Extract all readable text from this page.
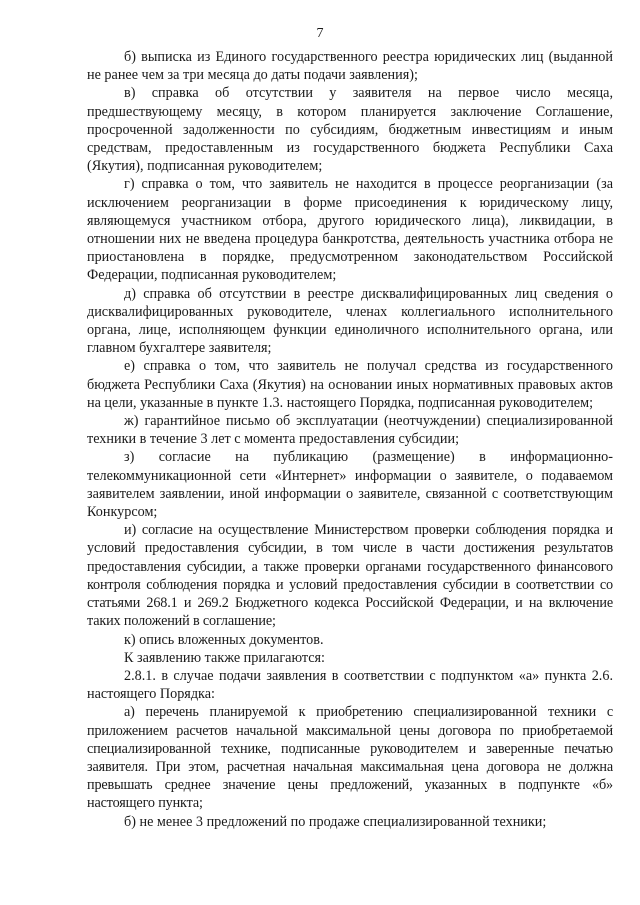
7

б) выписка из Единого государственного реестра юридических лиц (выданной не ранее чем за три месяца до даты подачи заявления);

в) справка об отсутствии у заявителя на первое число месяца, предшествующему месяцу, в котором планируется заключение Соглашение, просроченной задолженности по субсидиям, бюджетным инвестициям и иным средствам, предоставленным из государственного бюджета Республики Саха (Якутия), подписанная руководителем;

г) справка о том, что заявитель не находится в процессе реорганизации (за исключением реорганизации в форме присоединения к юридическому лицу, являющемуся участником отбора, другого юридического лица), ликвидации, в отношении них не введена процедура банкротства, деятельность участника отбора не приостановлена в порядке, предусмотренном законодательством Российской Федерации, подписанная руководителем;

д) справка об отсутствии в реестре дисквалифицированных лиц сведения о дисквалифицированных руководителе, членах коллегиального исполнительного органа, лице, исполняющем функции единоличного исполнительного органа, или главном бухгалтере заявителя;

е) справка о том, что заявитель не получал средства из государственного бюджета Республики Саха (Якутия) на основании иных нормативных правовых актов на цели, указанные в пункте 1.3. настоящего Порядка, подписанная руководителем;

ж) гарантийное письмо об эксплуатации (неотчуждении) специализированной техники в течение 3 лет с момента предоставления субсидии;

з) согласие на публикацию (размещение) в информационно-телекоммуникационной сети «Интернет» информации о заявителе, о подаваемом заявителем заявлении, иной информации о заявителе, связанной с соответствующим Конкурсом;

и) согласие на осуществление Министерством проверки соблюдения порядка и условий предоставления субсидии, в том числе в части достижения результатов предоставления субсидии, а также проверки органами государственного финансового контроля соблюдения порядка и условий предоставления субсидии в соответствии со статьями 268.1 и 269.2 Бюджетного кодекса Российской Федерации, и на включение таких положений в соглашение;

к) опись вложенных документов.

К заявлению также прилагаются:

2.8.1. в случае подачи заявления в соответствии с подпунктом «а» пункта 2.6. настоящего Порядка:

а) перечень планируемой к приобретению специализированной техники с приложением расчетов начальной максимальной цены договора по приобретаемой специализированной технике, подписанные руководителем и заверенные печатью заявителя. При этом, расчетная начальная максимальная цена договора не должна превышать среднее значение цены предложений, указанных в подпункте «б» настоящего пункта;

б) не менее 3 предложений по продаже специализированной техники;
